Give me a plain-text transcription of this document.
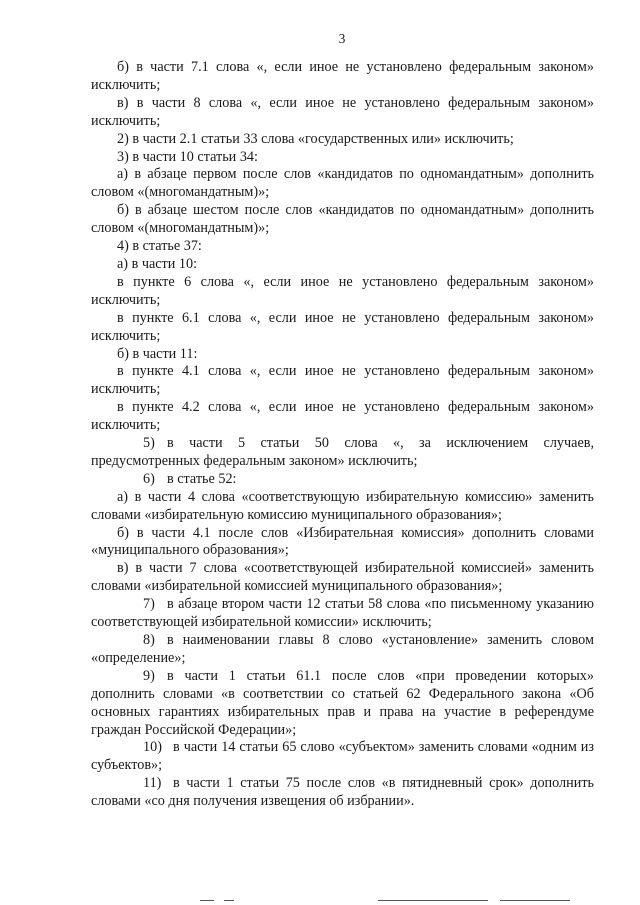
3

б) в части 7.1 слова «, если иное не установлено федеральным законом» исключить;

в) в части 8 слова «, если иное не установлено федеральным законом» исключить;

2) в части 2.1 статьи 33 слова «государственных или» исключить;

3) в части 10 статьи 34:

а) в абзаце первом после слов «кандидатов по одномандатным» дополнить словом «(многомандатным)»;

б) в абзаце шестом после слов «кандидатов по одномандатным» дополнить словом «(многомандатным)»;

4) в статье 37:

а) в части 10:

в пункте 6 слова «, если иное не установлено федеральным законом» исключить;

в пункте 6.1 слова «, если иное не установлено федеральным законом» исключить;

б) в части 11:

в пункте 4.1 слова «, если иное не установлено федеральным законом» исключить;

в пункте 4.2 слова «, если иное не установлено федеральным законом» исключить;

5) в части 5 статьи 50 слова «, за исключением случаев, предусмотренных федеральным законом» исключить;

6) в статье 52:

а) в части 4 слова «соответствующую избирательную комиссию» заменить словами «избирательную комиссию муниципального образования»;

б) в части 4.1 после слов «Избирательная комиссия» дополнить словами «муниципального образования»;

в) в части 7 слова «соответствующей избирательной комиссией» заменить словами «избирательной комиссией муниципального образования»;

7) в абзаце втором части 12 статьи 58 слова «по письменному указанию соответствующей избирательной комиссии» исключить;

8) в наименовании главы 8 слово «установление» заменить словом «определение»;

9) в части 1 статьи 61.1 после слов «при проведении которых» дополнить словами «в соответствии со статьей 62 Федерального закона «Об основных гарантиях избирательных прав и права на участие в референдуме граждан Российской Федерации»;

10) в части 14 статьи 65 слово «субъектом» заменить словами «одним из субъектов»;

11) в части 1 статьи 75 после слов «в пятидневный срок» дополнить словами «со дня получения извещения об избрании».
